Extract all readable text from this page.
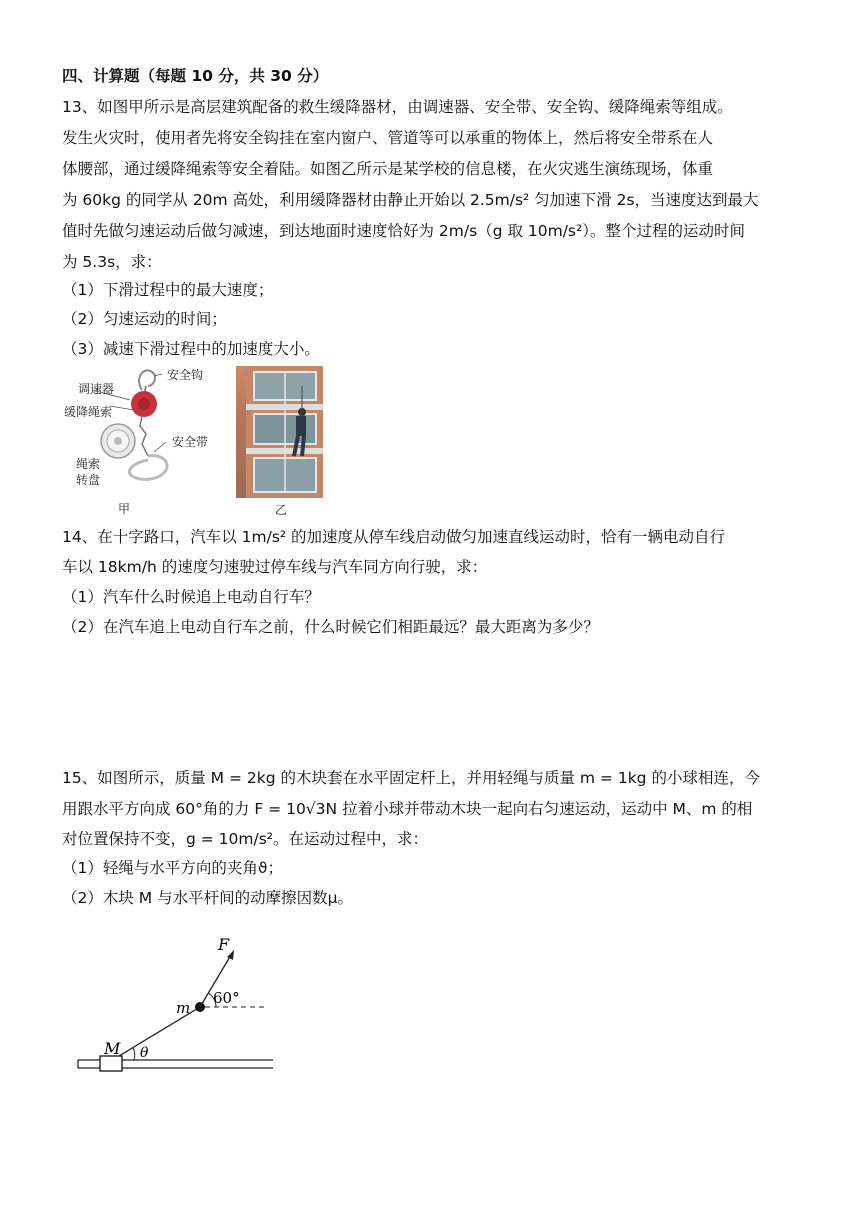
四、计算题（每题 10 分，共 30 分）
13、如图甲所示是高层建筑配备的救生缓降器材，由调速器、安全带、安全钩、缓降绳索等组成。
发生火灾时，使用者先将安全钩挂在室内窗户、管道等可以承重的物体上，然后将安全带系在人
体腰部，通过缓降绳索等安全着陆。如图乙所示是某学校的信息楼，在火灾逃生演练现场，体重
为 60kg 的同学从 20m 高处，利用缓降器材由静止开始以 2.5m/s² 匀加速下滑 2s，当速度达到最大
值时先做匀速运动后做匀减速，到达地面时速度恰好为 2m/s（g 取 10m/s²）。整个过程的运动时间
为 5.3s，求：
（1）下滑过程中的最大速度；
（2）匀速运动的时间；
（3）减速下滑过程中的加速度大小。
调速器
安全钩
缓降绳索
安全带
绳索
转盘
甲	乙
14、在十字路口，汽车以 1m/s² 的加速度从停车线启动做匀加速直线运动时，恰有一辆电动自行
车以 18km/h 的速度匀速驶过停车线与汽车同方向行驶，求：
（1）汽车什么时候追上电动自行车？
（2）在汽车追上电动自行车之前，什么时候它们相距最远？最大距离为多少？
15、如图所示，质量 M = 2kg 的木块套在水平固定杆上，并用轻绳与质量 m = 1kg 的小球相连，今
用跟水平方向成 60°角的力 F = 10√3N 拉着小球并带动木块一起向右匀速运动，运动中 M、m 的相
对位置保持不变，g = 10m/s²。在运动过程中，求：
（1）轻绳与水平方向的夹角ϑ；
（2）木块 M 与水平杆间的动摩擦因数μ。
F
m
60°
M θ
